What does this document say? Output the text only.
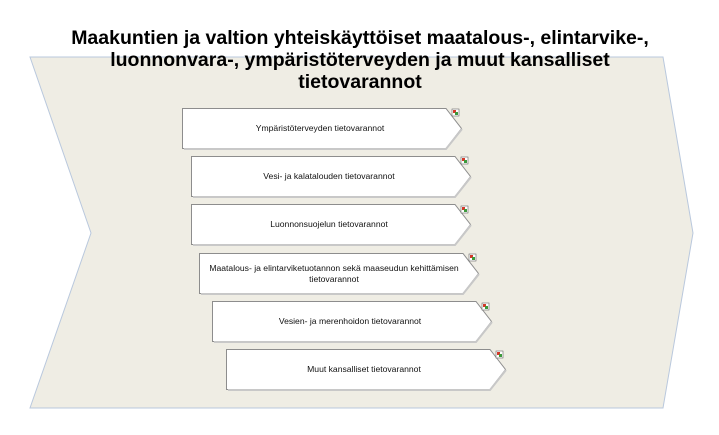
Maakuntien ja valtion yhteiskäyttöiset maatalous-, elintarvike-, luonnonvara-, ympäristöterveyden ja muut kansalliset tietovarannot
Ympäristöterveyden tietovarannot
Vesi- ja kalatalouden tietovarannot
Luonnonsuojelun tietovarannot
Maatalous- ja elintarviketuotannon sekä maaseudun kehittämisen tietovarannot
Vesien- ja merenhoidon tietovarannot
Muut kansalliset tietovarannot
